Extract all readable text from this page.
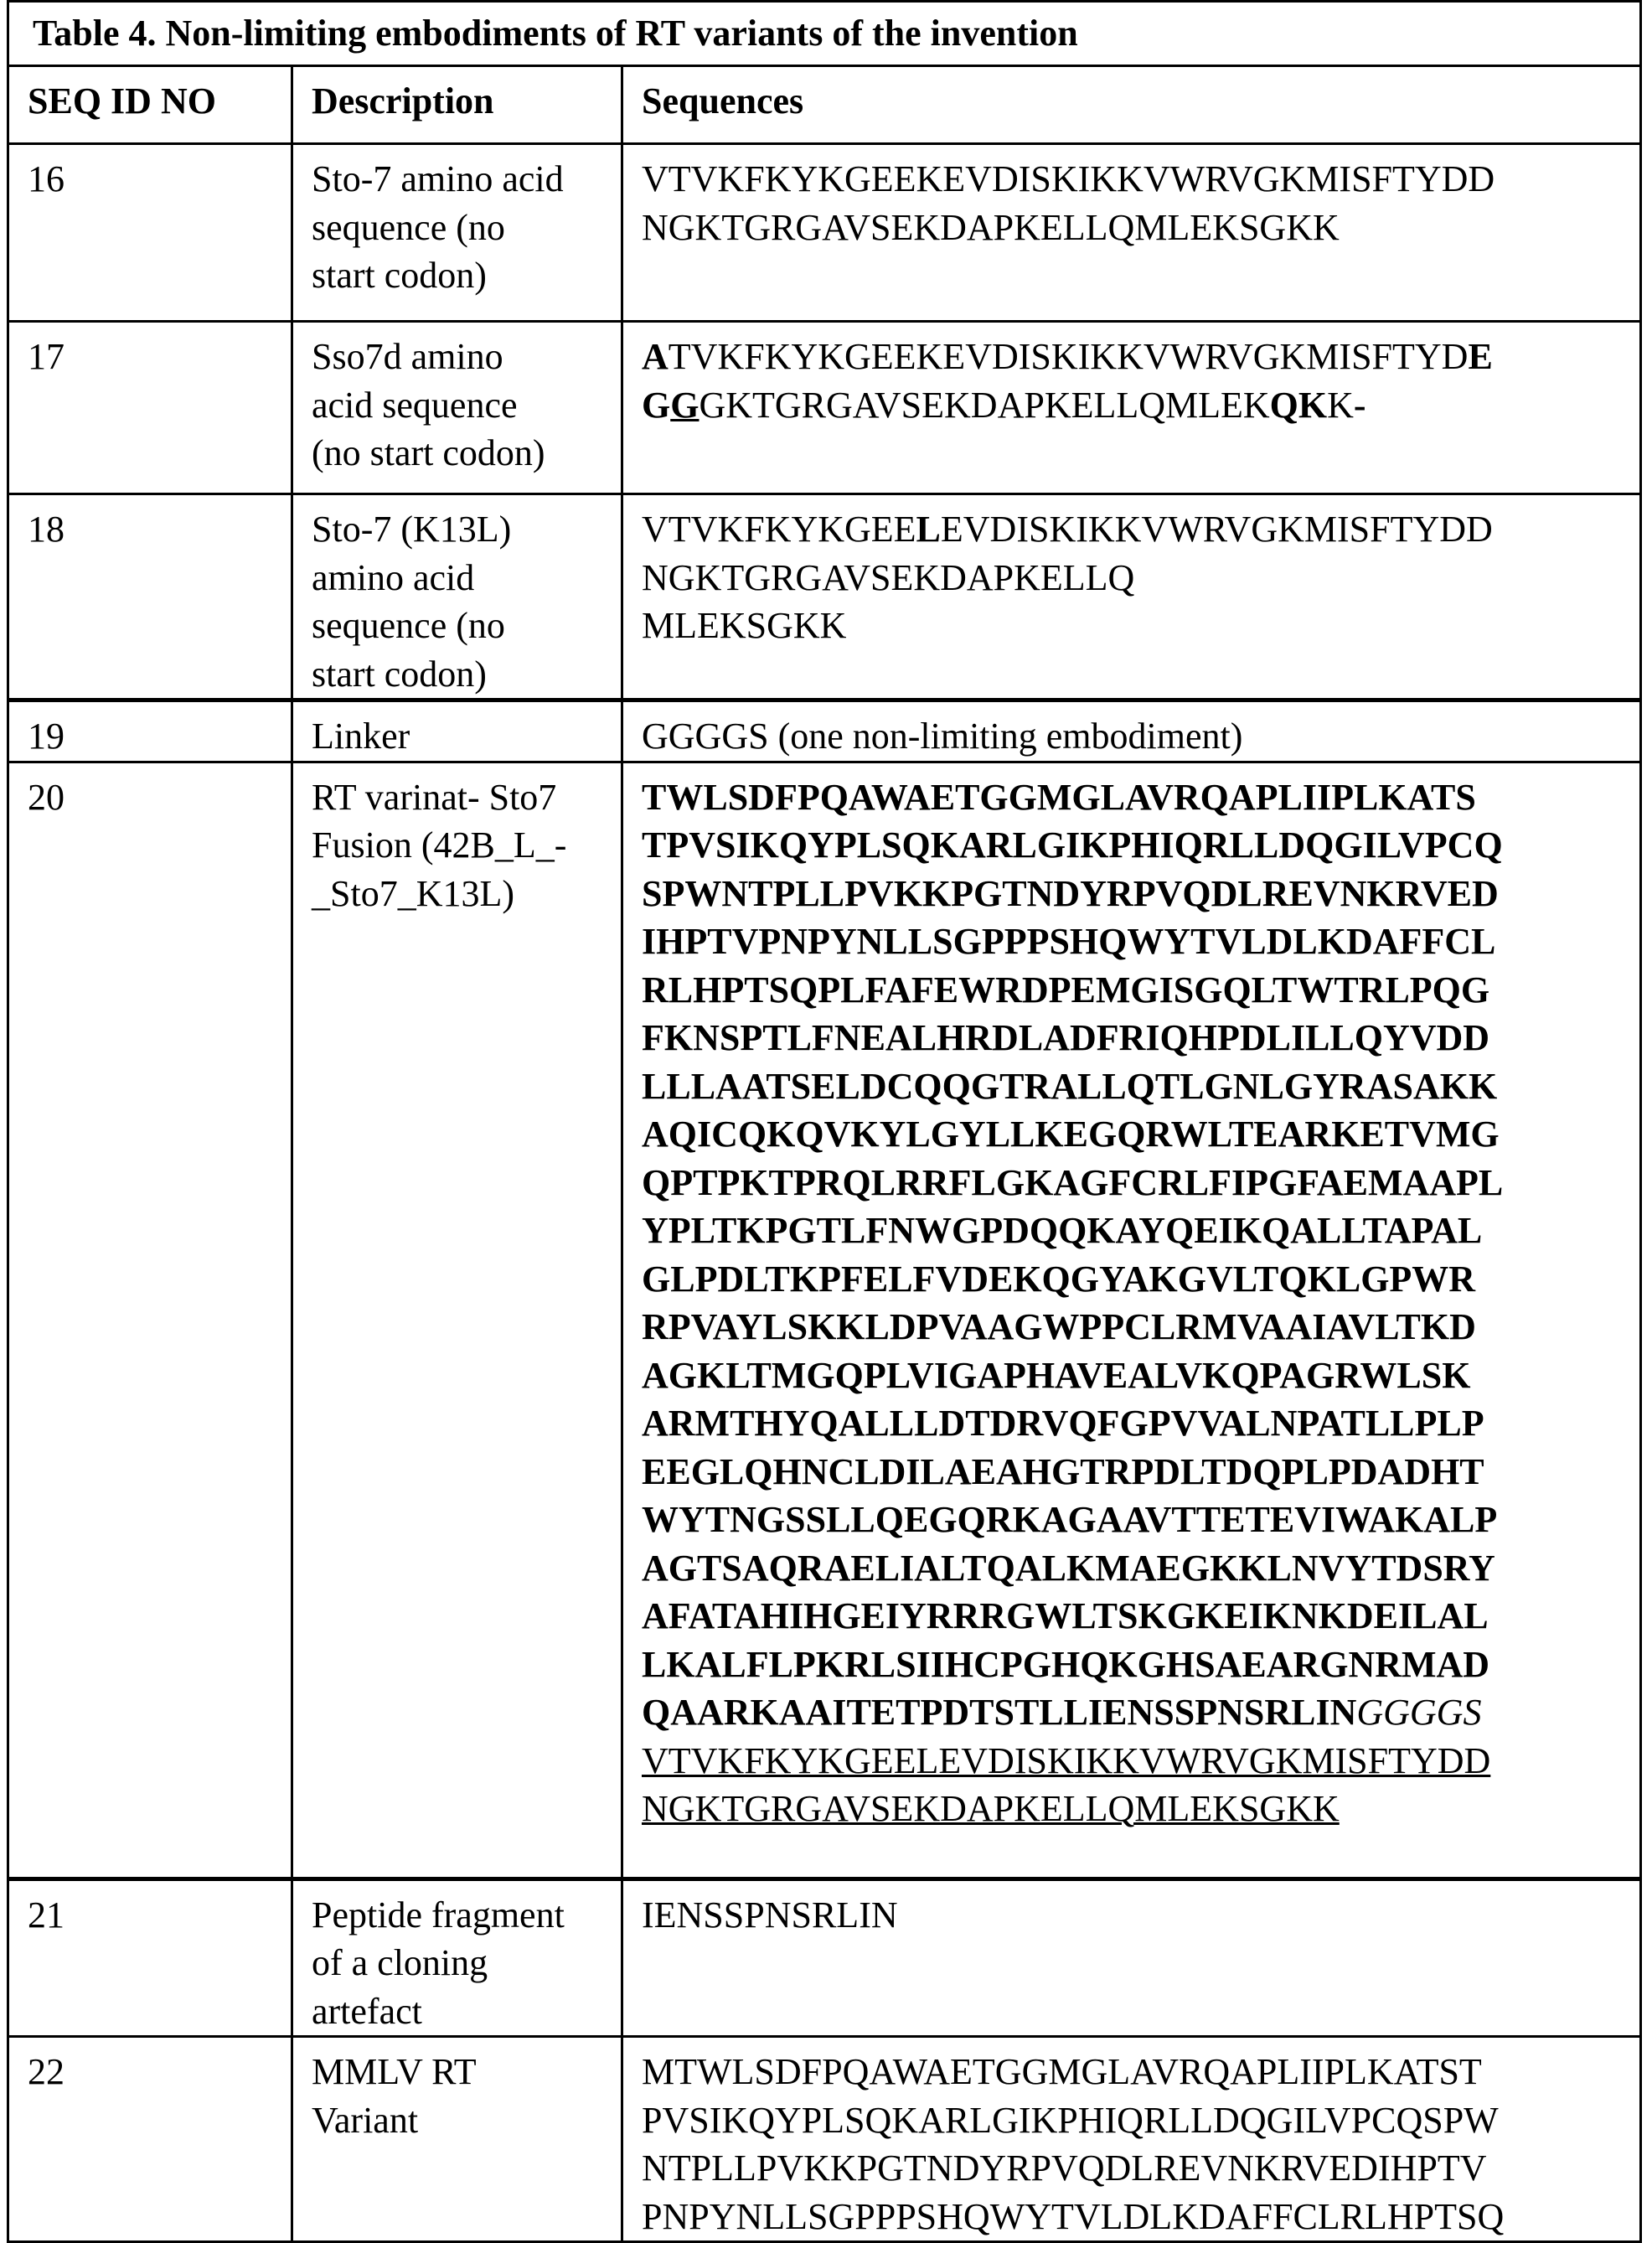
Table 4. Non-limiting embodiments of RT variants of the invention
SEQ ID NO	Description	Sequences
16	Sto-7 amino acid
sequence (no
start codon)

VTVKFKYKGEEKEVDISKIKKVWRVGKMISFTYDD
NGKTGRGAVSEKDAPKELLQMLEKSGKK

17	Sso7d amino
acid sequence
(no start codon)

ATVKFKYKGEEKEVDISKIKKVWRVGKMISFTYDE
GGGKTGRGAVSEKDAPKELLQMLEKQKK-

18	Sto-7 (K13L)
amino acid
sequence (no
start codon)

VTVKFKYKGEELEVDISKIKKVWRVGKMISFTYDD
NGKTGRGAVSEKDAPKELLQ
MLEKSGKK

19	Linker	GGGGS (one non-limiting embodiment)

20	RT varinat- Sto7
Fusion (42B_L_-
_Sto7_K13L)

TWLSDFPQAWAETGGMGLAVRQAPLIIPLKATS
TPVSIKQYPLSQKARLGIKPHIQRLLDQGILVPCQ
SPWNTPLLPVKKPGTNDYRPVQDLREVNKRVED
IHPTVPNPYNLLSGPPPSHQWYTVLDLKDAFFCL
RLHPTSQPLFAFEWRDPEMGISGQLTWTRLPQG
FKNSPTLFNEALHRDLADFRIQHPDLILLQYVDD
LLLAATSELDCQQGTRALLQTLGNLGYRASAKK
AQICQKQVKYLGYLLKEGQRWLTEARKETVMG
QPTPKTPRQLRRFLGKAGFCRLFIPGFAEMAAPL
YPLTKPGTLFNWGPDQQKAYQEIKQALLTAPAL
GLPDLTKPFELFVDEKQGYAKGVLTQKLGPWR
RPVAYLSKKLDPVAAGWPPCLRMVAAIAVLTKD
AGKLTMGQPLVIGAPHAVEALVKQPAGRWLSK
ARMTHYQALLLDTDRVQFGPVVALNPATLLPLP
EEGLQHNCLDILAEAHGTRPDLTDQPLPDADHT
WYTNGSSLLQEGQRKAGAAVTTETEVIWAKALP
AGTSAQRAELIALTQALKMAEGKKLNVYTDSRY
AFATAHIHGEIYRRRGWLTSKGKEIKNKDEILAL
LKALFLPKRLSIIHCPGHQKGHSAEARGNRMAD
QAARKAAITETPDTSTLLIENSSPNSRLINGGGGS
VTVKFKYKGEELEVDISKIKKVWRVGKMISFTYDD
NGKTGRGAVSEKDAPKELLQMLEKSGKK

21	Peptide fragment
of a cloning
artefact

IENSSPNSRLIN

22	MMLV RT
Variant

MTWLSDFPQAWAETGGMGLAVRQAPLIIPLKATST
PVSIKQYPLSQKARLGIKPHIQRLLDQGILVPCQSPW
NTPLLPVKKPGTNDYRPVQDLREVNKRVEDIHPTV
PNPYNLLSGPPPSHQWYTVLDLKDAFFCLRLHPTSQ
